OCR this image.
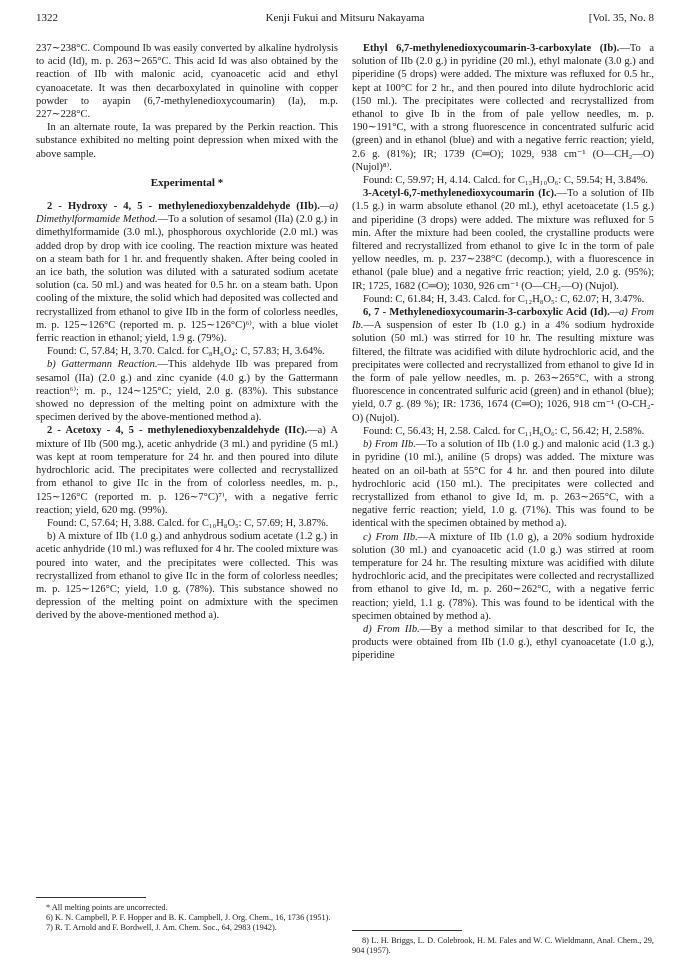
1322	Kenji Fukui and Mitsuru Nakayama	[Vol. 35, No. 8

237∼238°C. Compound Ib was easily converted by alkaline hydrolysis to acid (Id), m. p. 263∼265°C. This acid Id was also obtained by the reaction of IIb with malonic acid, cyanoacetic acid and ethyl cyanoacetate. It was then decarboxylated in quinoline with copper powder to ayapin (6,7-methylenedioxycoumarin) (Ia), m.p. 227∼228°C.

In an alternate route, Ia was prepared by the Perkin reaction. This substance exhibited no melting point depression when mixed with the above sample.

Experimental *

2 - Hydroxy - 4, 5 - methylenedioxybenzaldehyde (IIb).—a) Dimethylformamide Method.—To a solution of sesamol (IIa) (2.0 g.) in dimethylformamide (3.0 ml.), phosphorous oxychloride (2.0 ml.) was added drop by drop with ice cooling. The reaction mixture was heated on a steam bath for 1 hr. and frequently shaken. After being cooled in an ice bath, the solution was diluted with a saturated sodium acetate solution (ca. 50 ml.) and was heated for 0.5 hr. on a steam bath. Upon cooling of the mixture, the solid which had deposited was collected and recrystallized from ethanol to give IIb in the form of colorless needles, m. p. 125∼126°C (reported m. p. 125∼126°C)⁶⁾, with a blue violet ferric reaction in ethanol; yield, 1.9 g. (79%).

Found: C, 57.84; H, 3.70. Calcd. for C₈H₆O₄: C, 57.83; H, 3.64%.

b) Gattermann Reaction.—This aldehyde IIb was prepared from sesamol (IIa) (2.0 g.) and zinc cyanide (4.0 g.) by the Gattermann reaction⁶⁾; m. p., 124∼125°C; yield, 2.0 g. (83%). This substance showed no depression of the melting point on admixture with the specimen derived by the above-mentioned method a).

2 - Acetoxy - 4, 5 - methylenedioxybenzaldehyde (IIc).—a) A mixture of IIb (500 mg.), acetic anhydride (3 ml.) and pyridine (5 ml.) was kept at room temperature for 24 hr. and then poured into dilute hydrochloric acid. The precipitates were collected and recrystallized from ethanol to give IIc in the from of colorless needles, m. p., 125∼126°C (reported m. p. 126∼7°C)⁷⁾, with a negative ferric reaction; yield, 620 mg. (99%).

Found: C, 57.64; H, 3.88. Calcd. for C₁₀H₈O₅: C, 57.69; H, 3.87%.

b) A mixture of IIb (1.0 g.) and anhydrous sodium acetate (1.2 g.) in acetic anhydride (10 ml.) was refluxed for 4 hr. The cooled mixture was poured into water, and the precipitates were collected. This was recrystallized from ethanol to give IIc in the form of colorless needles; m. p. 125∼126°C; yield, 1.0 g. (78%). This substance showed no depression of the melting point on admixture with the specimen derived by the above-mentioned method a).

* All melting points are uncorrected.

6) K. N. Campbell, P. F. Hopper and B. K. Campbell, J. Org. Chem., 16, 1736 (1951).

7) R. T. Arnold and F. Bordwell, J. Am. Chem. Soc., 64, 2983 (1942).

Ethyl 6,7-methylenedioxycoumarin-3-carboxylate (Ib).—To a solution of IIb (2.0 g.) in pyridine (20 ml.), ethyl malonate (3.0 g.) and piperidine (5 drops) were added. The mixture was refluxed for 0.5 hr., kept at 100°C for 2 hr., and then poured into dilute hydrochloric acid (150 ml.). The precipitates were collected and recrystallized from ethanol to give Ib in the from of pale yellow needles, m. p. 190∼191°C, with a strong fluorescence in concentrated sulfuric acid (green) and in ethanol (blue) and with a negative ferric reaction; yield, 2.6 g. (81%); IR; 1739 (C═O); 1029, 938 cm⁻¹ (O—CH₂—O) (Nujol)⁸⁾.

Found: C, 59.97; H, 4.14. Calcd. for C₁₃H₁₀O₆: C, 59.54; H, 3.84%.

3-Acetyl-6,7-methylenedioxycoumarin (Ic).—To a solution of IIb (1.5 g.) in warm absolute ethanol (20 ml.), ethyl acetoacetate (1.5 g.) and piperidine (3 drops) were added. The mixture was refluxed for 5 min. After the mixture had been cooled, the crystalline products were filtered and recrystallized from ethanol to give Ic in the torm of pale yellow needles, m. p. 237∼238°C (decomp.), with a fluorescence in ethanol (pale blue) and a negative frric reaction; yield, 2.0 g. (95%); IR; 1725, 1682 (C═O); 1030, 926 cm⁻¹ (O—CH₂—O) (Nujol).

Found: C, 61.84; H, 3.43. Calcd. for C₁₂H₈O₅: C, 62.07; H, 3.47%.

6, 7 - Methylenedioxycoumarin-3-carboxylic Acid (Id).—a) From Ib.—A suspension of ester Ib (1.0 g.) in a 4% sodium hydroxide solution (50 ml.) was stirred for 10 hr. The resulting mixture was filtered, the filtrate was acidified with dilute hydrochloric acid, and the precipitates were collected and recrystallized from ethanol to give Id in the form of pale yellow needles, m. p. 263∼265°C, with a strong fluorescence in concentrated sulfuric acid (green) and in ethanol (blue); yield, 0.7 g. (89 %); IR: 1736, 1674 (C═O); 1026, 918 cm⁻¹ (O-CH₂-O) (Nujol).

Found: C, 56.43; H, 2.58. Calcd. for C₁₁H₆O₆: C, 56.42; H, 2.58%.

b) From IIb.—To a solution of IIb (1.0 g.) and malonic acid (1.3 g.) in pyridine (10 ml.), aniline (5 drops) was added. The mixture was heated on an oil-bath at 55°C for 4 hr. and then poured into dilute hydrochloric acid (150 ml.). The precipitates were collected and recrystallized from ethanol to give Id, m. p. 263∼265°C, with a negative ferric reaction; yield, 1.0 g. (71%). This was found to be identical with the specimen obtained by method a).

c) From IIb.—A mixture of IIb (1.0 g), a 20% sodium hydroxide solution (30 ml.) and cyanoacetic acid (1.0 g.) was stirred at room temperature for 24 hr. The resulting mixture was acidified with dilute hydrochloric acid, and the precipitates were collected and recrystallized from ethanol to give Id, m. p. 260∼262°C, with a negative ferric reaction; yield, 1.1 g. (78%). This was found to be identical with the specimen obtained by method a).

d) From IIb.—By a method similar to that described for Ic, the products were obtained from IIb (1.0 g.), ethyl cyanoacetate (1.0 g.), piperidine

8) L. H. Briggs, L. D. Colebrook, H. M. Fales and W. C. Wieldmann, Anal. Chem., 29, 904 (1957).
